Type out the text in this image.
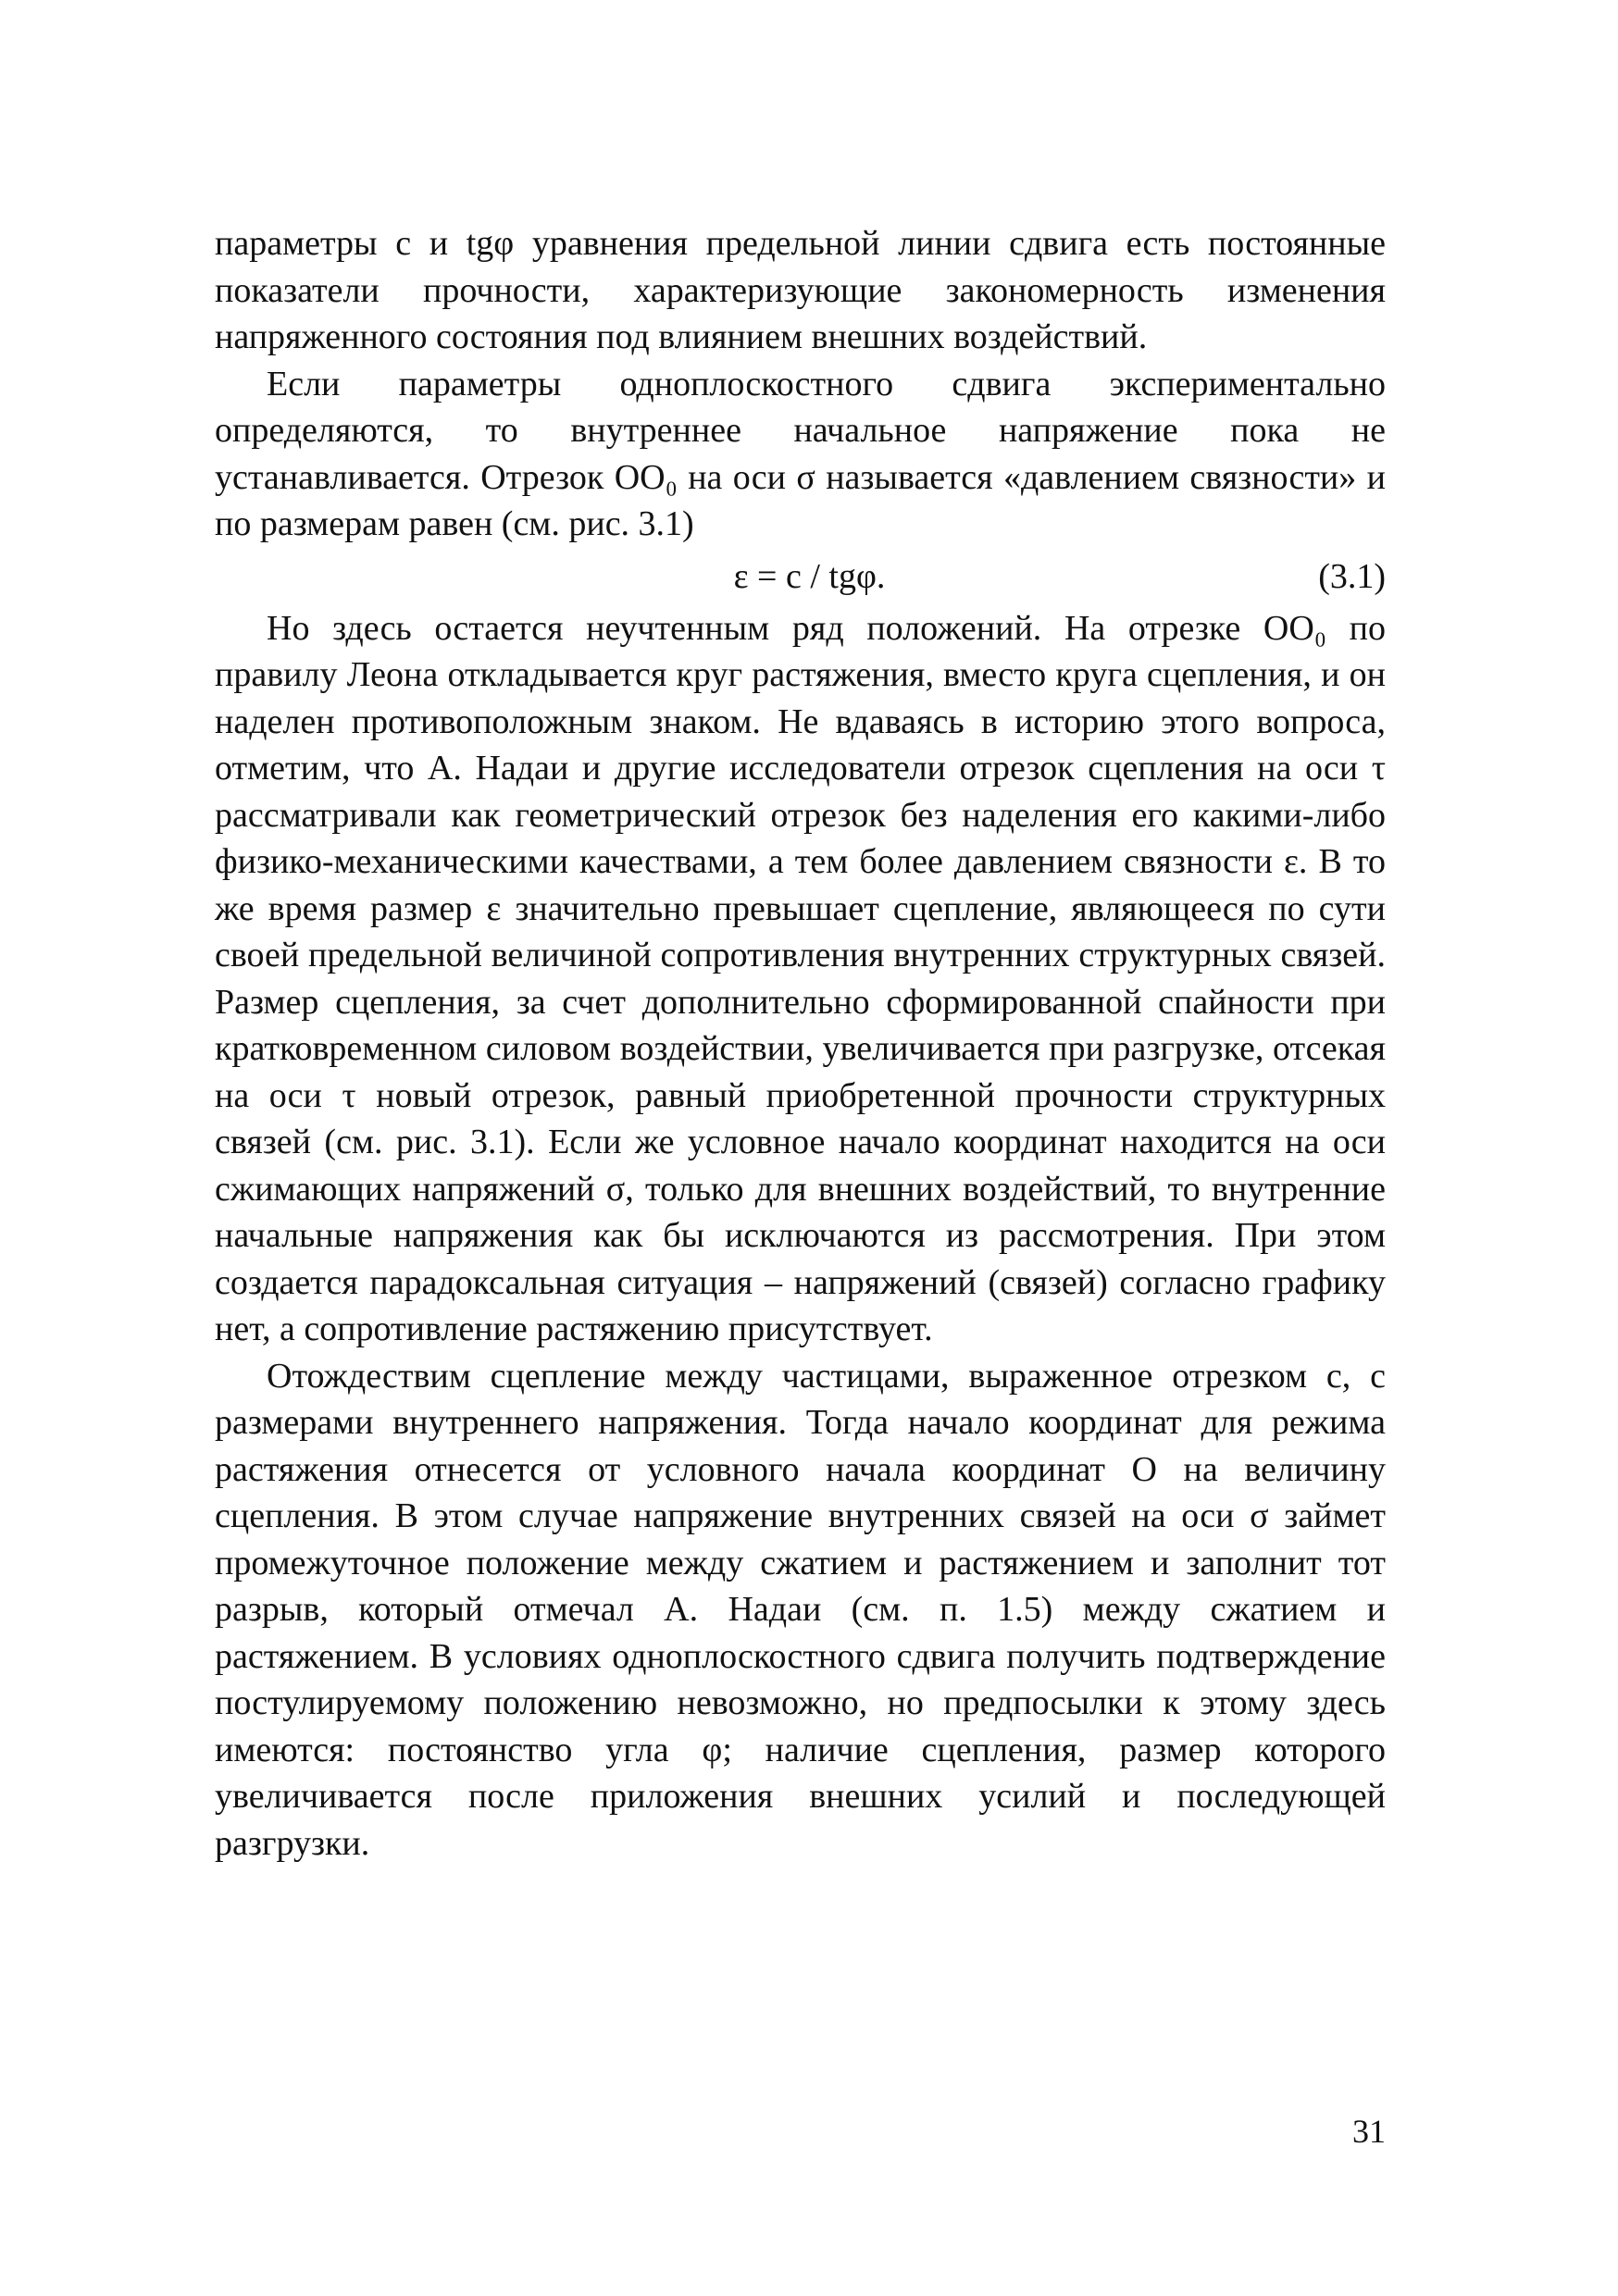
параметры c и tgφ уравнения предельной линии сдвига есть постоянные показатели прочности, характеризующие закономерность изменения напряженного состояния под влиянием внешних воздействий.

Если параметры одноплоскостного сдвига экспериментально определяются, то внутреннее начальное напряжение пока не устанавливается. Отрезок OO₀ на оси σ называется «давлением связности» и по размерам равен (см. рис. 3.1)

ε = c / tgφ.	(3.1)

Но здесь остается неучтенным ряд положений. На отрезке OO₀ по правилу Леона откладывается круг растяжения, вместо круга сцепления, и он наделен противоположным знаком. Не вдаваясь в историю этого вопроса, отметим, что А. Надаи и другие исследователи отрезок сцепления на оси τ рассматривали как геометрический отрезок без наделения его какими-либо физико-механическими качествами, а тем более давлением связности ε. В то же время размер ε значительно превышает сцепление, являющееся по сути своей предельной величиной сопротивления внутренних структурных связей. Размер сцепления, за счет дополнительно сформированной спайности при кратковременном силовом воздействии, увеличивается при разгрузке, отсекая на оси τ новый отрезок, равный приобретенной прочности структурных связей (см. рис. 3.1). Если же условное начало координат находится на оси сжимающих напряжений σ, только для внешних воздействий, то внутренние начальные напряжения как бы исключаются из рассмотрения. При этом создается парадоксальная ситуация – напряжений (связей) согласно графику нет, а сопротивление растяжению присутствует.

Отождествим сцепление между частицами, выраженное отрезком c, с размерами внутреннего напряжения. Тогда начало координат для режима растяжения отнесется от условного начала координат O на величину сцепления. В этом случае напряжение внутренних связей на оси σ займет промежуточное положение между сжатием и растяжением и заполнит тот разрыв, который отмечал А. Надаи (см. п. 1.5) между сжатием и растяжением. В условиях одноплоскостного сдвига получить подтверждение постулируемому положению невозможно, но предпосылки к этому здесь имеются: постоянство угла φ; наличие сцепления, размер которого увеличивается после приложения внешних усилий и последующей разгрузки.

31
